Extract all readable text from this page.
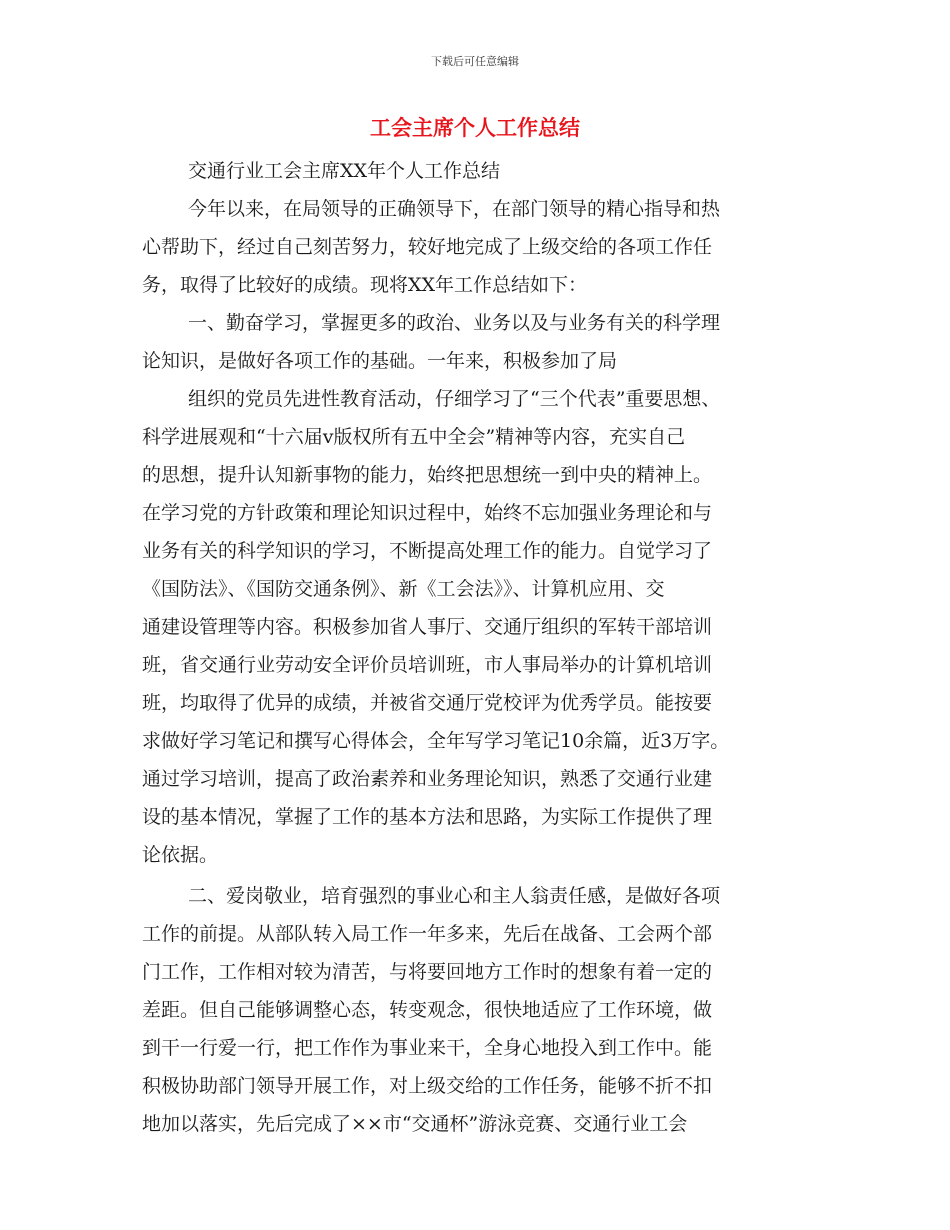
下载后可任意编辑
工会主席个人工作总结
交通行业工会主席XX年个人工作总结
今年以来，在局领导的正确领导下，在部门领导的精心指导和热
心帮助下，经过自己刻苦努力，较好地完成了上级交给的各项工作任
务，取得了比较好的成绩。现将XX年工作总结如下：
一、勤奋学习，掌握更多的政治、业务以及与业务有关的科学理
论知识，是做好各项工作的基础。一年来，积极参加了局
组织的党员先进性教育活动，仔细学习了“三个代表”重要思想、
科学进展观和“十六届v版权所有五中全会”精神等内容，充实自己
的思想，提升认知新事物的能力，始终把思想统一到中央的精神上。
在学习党的方针政策和理论知识过程中，始终不忘加强业务理论和与
业务有关的科学知识的学习，不断提高处理工作的能力。自觉学习了
《国防法》、《国防交通条例》、新《工会法》》、计算机应用、交
通建设管理等内容。积极参加省人事厅、交通厅组织的军转干部培训
班，省交通行业劳动安全评价员培训班，市人事局举办的计算机培训
班，均取得了优异的成绩，并被省交通厅党校评为优秀学员。能按要
求做好学习笔记和撰写心得体会，全年写学习笔记10余篇，近3万字。
通过学习培训，提高了政治素养和业务理论知识，熟悉了交通行业建
设的基本情况，掌握了工作的基本方法和思路，为实际工作提供了理
论依据。
二、爱岗敬业，培育强烈的事业心和主人翁责任感，是做好各项
工作的前提。从部队转入局工作一年多来，先后在战备、工会两个部
门工作，工作相对较为清苦，与将要回地方工作时的想象有着一定的
差距。但自己能够调整心态，转变观念，很快地适应了工作环境，做
到干一行爱一行，把工作作为事业来干，全身心地投入到工作中。能
积极协助部门领导开展工作，对上级交给的工作任务，能够不折不扣
地加以落实，先后完成了××市“交通杯”游泳竞赛、交通行业工会
